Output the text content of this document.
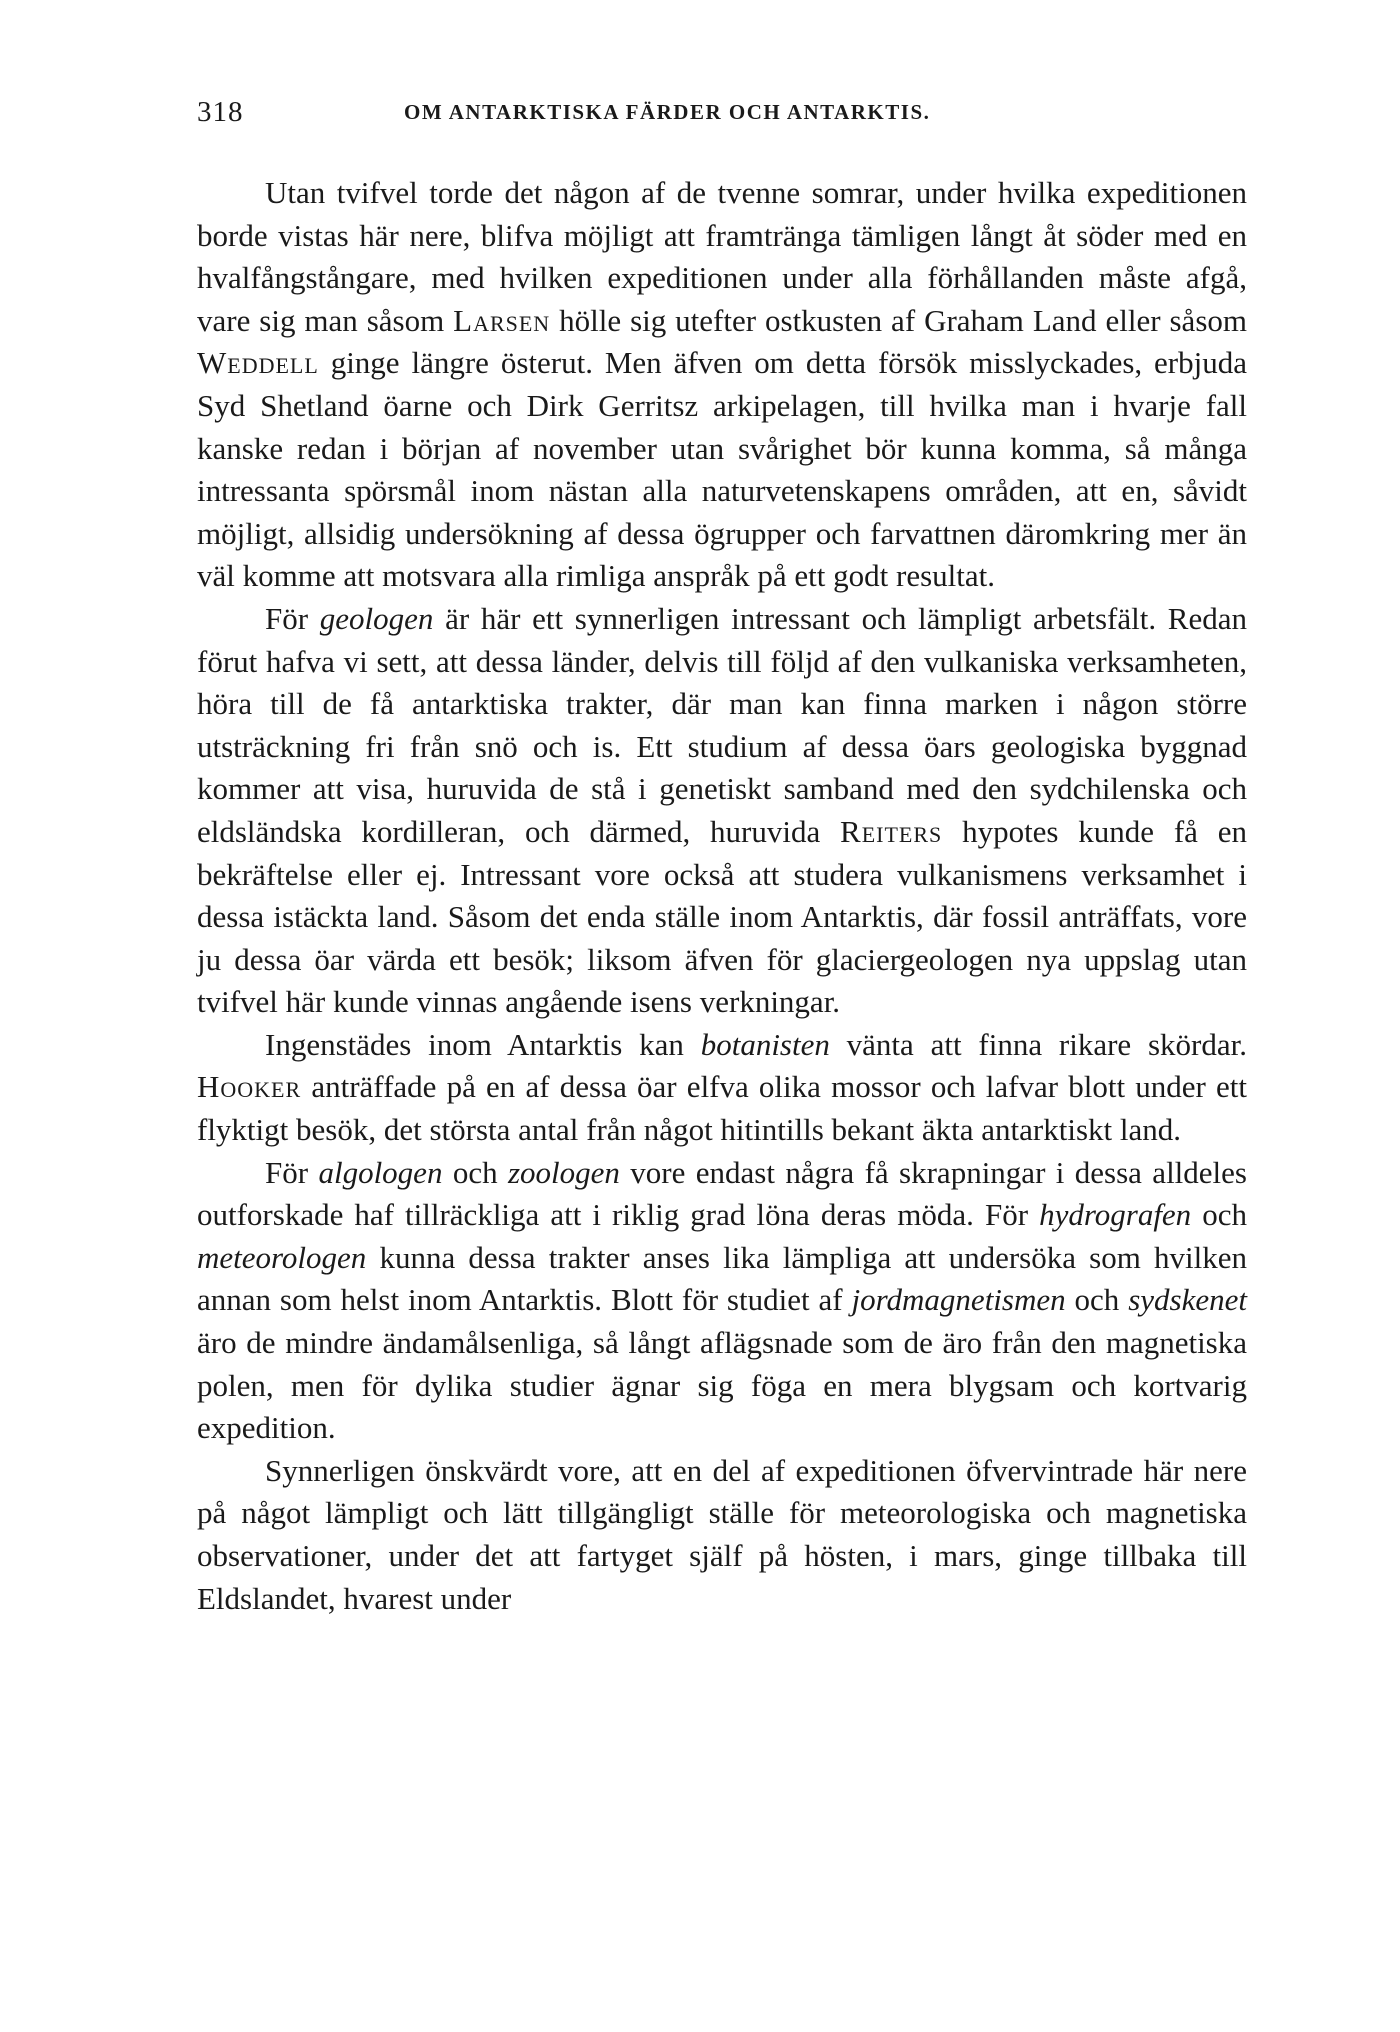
318	OM ANTARKTISKA FÄRDER OCH ANTARKTIS.

Utan tvifvel torde det någon af de tvenne somrar, under hvilka expeditionen borde vistas här nere, blifva möjligt att framtränga tämligen långt åt söder med en hvalfångstångare, med hvilken expeditionen under alla förhållanden måste afgå, vare sig man såsom Larsen hölle sig utefter ostkusten af Graham Land eller såsom Weddell ginge längre österut. Men äfven om detta försök misslyckades, erbjuda Syd Shetland öarne och Dirk Gerritsz arkipelagen, till hvilka man i hvarje fall kanske redan i början af november utan svårighet bör kunna komma, så många intressanta spörsmål inom nästan alla naturvetenskapens områden, att en, såvidt möjligt, allsidig undersökning af dessa ögrupper och farvattnen däromkring mer än väl komme att motsvara alla rimliga anspråk på ett godt resultat.

För geologen är här ett synnerligen intressant och lämpligt arbetsfält. Redan förut hafva vi sett, att dessa länder, delvis till följd af den vulkaniska verksamheten, höra till de få antarktiska trakter, där man kan finna marken i någon större utsträckning fri från snö och is. Ett studium af dessa öars geologiska byggnad kommer att visa, huruvida de stå i genetiskt samband med den sydchilenska och eldsländska kordilleran, och därmed, huruvida Reiters hypotes kunde få en bekräftelse eller ej. Intressant vore också att studera vulkanismens verksamhet i dessa istäckta land. Såsom det enda ställe inom Antarktis, där fossil anträffats, vore ju dessa öar värda ett besök; liksom äfven för glaciergeologen nya uppslag utan tvifvel här kunde vinnas angående isens verkningar.

Ingenstädes inom Antarktis kan botanisten vänta att finna rikare skördar. Hooker anträffade på en af dessa öar elfva olika mossor och lafvar blott under ett flyktigt besök, det största antal från något hitintills bekant äkta antarktiskt land.

För algologen och zoologen vore endast några få skrapningar i dessa alldeles outforskade haf tillräckliga att i riklig grad löna deras möda. För hydrografen och meteorologen kunna dessa trakter anses lika lämpliga att undersöka som hvilken annan som helst inom Antarktis. Blott för studiet af jordmagnetismen och sydskenet äro de mindre ändamålsenliga, så långt aflägsnade som de äro från den magnetiska polen, men för dylika studier ägnar sig föga en mera blygsam och kortvarig expedition.

Synnerligen önskvärdt vore, att en del af expeditionen öfvervintrade här nere på något lämpligt och lätt tillgängligt ställe för meteorologiska och magnetiska observationer, under det att fartyget själf på hösten, i mars, ginge tillbaka till Eldslandet, hvarest under
